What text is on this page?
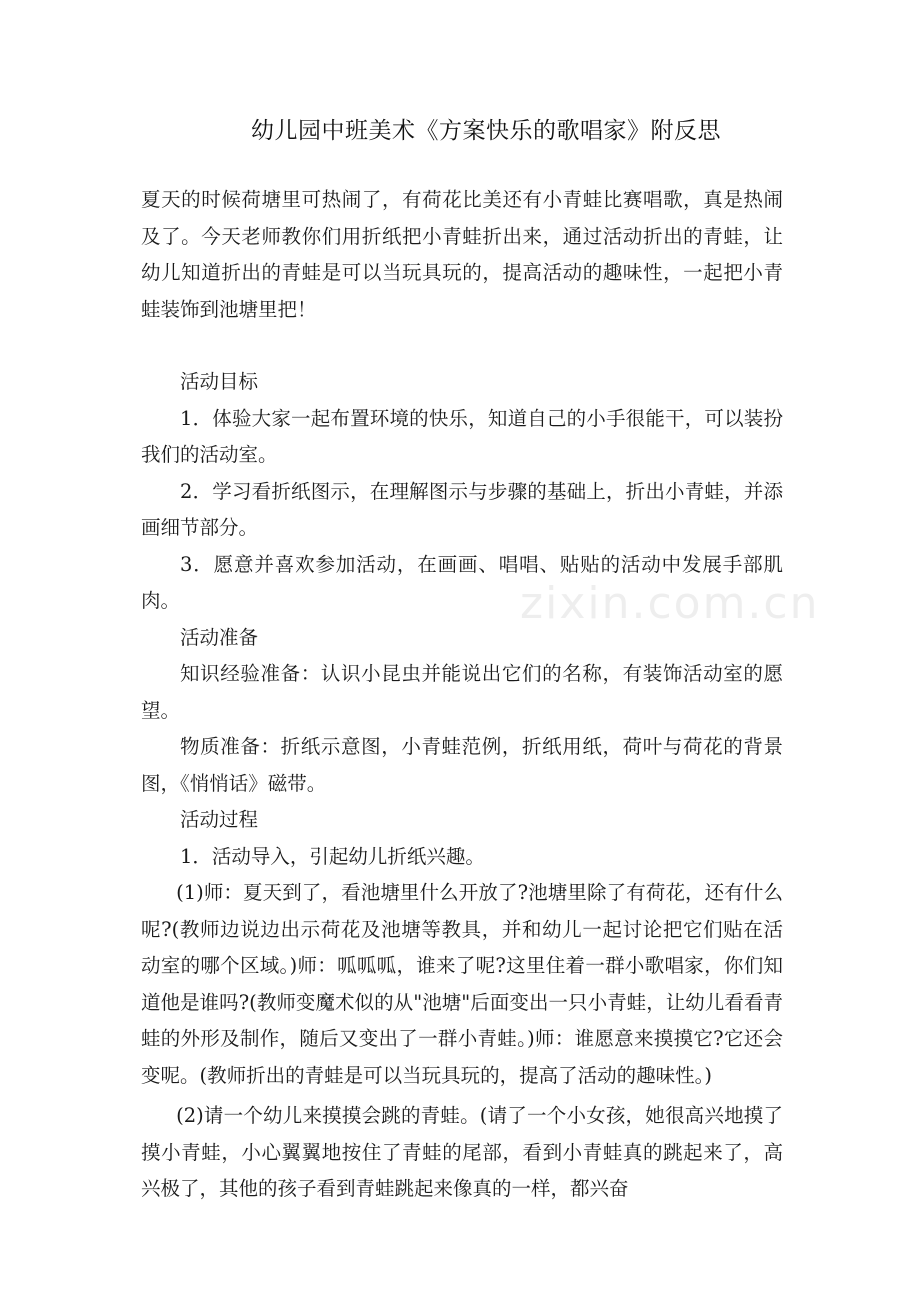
zixin.com.cn
幼儿园中班美术《方案快乐的歌唱家》附反思

夏天的时候荷塘里可热闹了，有荷花比美还有小青蛙比赛唱歌，真是热闹及了。今天老师教你们用折纸把小青蛙折出来，通过活动折出的青蛙，让幼儿知道折出的青蛙是可以当玩具玩的，提高活动的趣味性，一起把小青蛙装饰到池塘里把！

活动目标

1．体验大家一起布置环境的快乐，知道自己的小手很能干，可以装扮我们的活动室。

2．学习看折纸图示，在理解图示与步骤的基础上，折出小青蛙，并添画细节部分。

3．愿意并喜欢参加活动，在画画、唱唱、贴贴的活动中发展手部肌肉。

活动准备

知识经验准备：认识小昆虫并能说出它们的名称，有装饰活动室的愿望。

物质准备：折纸示意图，小青蛙范例，折纸用纸，荷叶与荷花的背景图，《悄悄话》磁带。

活动过程

1．活动导入，引起幼儿折纸兴趣。

(1)师：夏天到了，看池塘里什么开放了?池塘里除了有荷花，还有什么呢?(教师边说边出示荷花及池塘等教具，并和幼儿一起讨论把它们贴在活动室的哪个区域。)师：呱呱呱，谁来了呢?这里住着一群小歌唱家，你们知道他是谁吗?(教师变魔术似的从"池塘"后面变出一只小青蛙，让幼儿看看青蛙的外形及制作，随后又变出了一群小青蛙。)师：谁愿意来摸摸它?它还会变呢。(教师折出的青蛙是可以当玩具玩的，提高了活动的趣味性。)

(2)请一个幼儿来摸摸会跳的青蛙。(请了一个小女孩，她很高兴地摸了摸小青蛙，小心翼翼地按住了青蛙的尾部，看到小青蛙真的跳起来了，高兴极了，其他的孩子看到青蛙跳起来像真的一样，都兴奋
